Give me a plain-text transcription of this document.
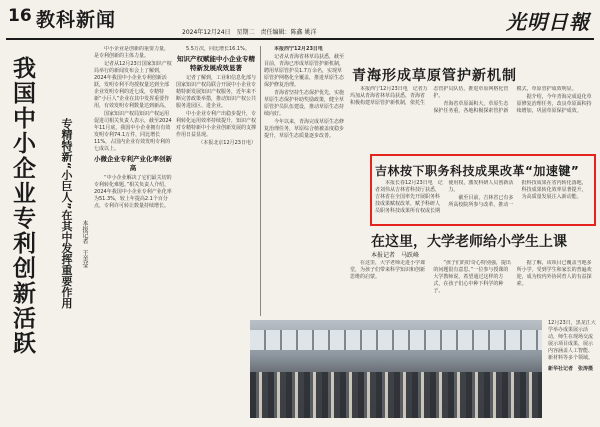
16 教科新闻
2024年12月24日　星期二　责任编辑：陈鑫 姚洋	光明日報
我国中小企业专利创新活跃 专精特新“小巨人”在其中发挥重要作用 本报记者　王美莹

中小企业是创新的重要力量，是专利创新的主体力量。

记者从12月23日国家知识产权局举行的新闻发布会上了解到，2024年我国中小企业专利创新活跃，发明专利平均授权量达到全部企业发明专利的近七成，专精特新“小巨人”企业在其中发挥重要作用，有效发明专利数量达到新高。

国家知识产权局知识产权运用促进司相关负责人表示，截至2024年11月底，我国中小企业拥有有效发明专利74.1万件，同比增长11%，占国内企业有效发明专利的七成以上。

小微企业专利产业化率创新高

“中小企业解决了它们最关切的专利转化难题。”相关负责人介绍，2024年我国中小企业专利产业化率为51.3%，较上年提高2.1个百分点，专利许可转让数量持续增长。

5.5万次，同比增长16.1%。

知识产权赋能中小企业专精特新发展成效显著

记者了解到，工业和信息化部与国家知识产权局联合开展中小企业专精特新发展知识产权服务，近年来不断完善政策举措，推动知识产权公共服务进园区、进企业。

中小企业专利产出稳步提升，专利转化运用效率持续提升，知识产权对专精特新中小企业创新发展的支撑作用日益显现。

（本报北京12月23日电）

本报西宁12月23日电

记者从青海省林草局获悉，截至目前，青海已形成草原管护新机制，聘用草原管护员1.7万余名，实现草原管护网格化全覆盖，推进草原生态保护修复治理。

青海省坚持生态保护优先，实施草原生态保护补助奖励政策，健全草原管护员队伍建设，推动草原生态持续向好。

今年以来，青海完成草原生态修复治理任务，草原综合植被盖度稳步提升，草原生态质量逐步改善。

青海形成草原管护新机制

本报西宁12月23日电　记者万玛加从青海省林草局获悉，青海省积极构建草原管护新机制，依托生态管护员队伍，推进草原网格化管护。

青海省草原面积大，草原生态保护任务重，各地积极探索管护新模式，草原管护成效明显。

据介绍，今年青海完成退化草原修复治理任务，改良草原面积持续增加，巩固草原保护成效。

吉林按下职务科技成果改革“加速键”

本报长春12月23日电　记者刘伟从吉林省科技厅获悉，吉林省在全国率先开展职务科技成果赋权改革，赋予科研人员职务科技成果所有权或长期使用权，激发科研人员创新活力。

截至目前，吉林省已有多所高校院所参与改革，推动一批科技成果在省内转化落地，科技成果转化效率显著提升，为高质量发展注入新动能。

在这里，大学老师给小学生上课
本报记者　马跃峰

在这里，大学老师走进小学课堂，为孩子们带来科学知识和创新思维的启蒙。

“孩子们的好奇心特别强，提出的问题很有意思。”一位参与授课的大学教师说，希望通过这样的方式，在孩子们心中种下科学的种子。

据了解，该项目已覆盖当地多所小学，受到学生和家长的普遍欢迎，成为校内外协同育人的有益探索。

12月23日，黑龙江大学举办成果展示活动，师生在现场交流展示项目成果，展示内容涵盖人工智能、新材料等多个领域。
新华社记者　张涛摄
